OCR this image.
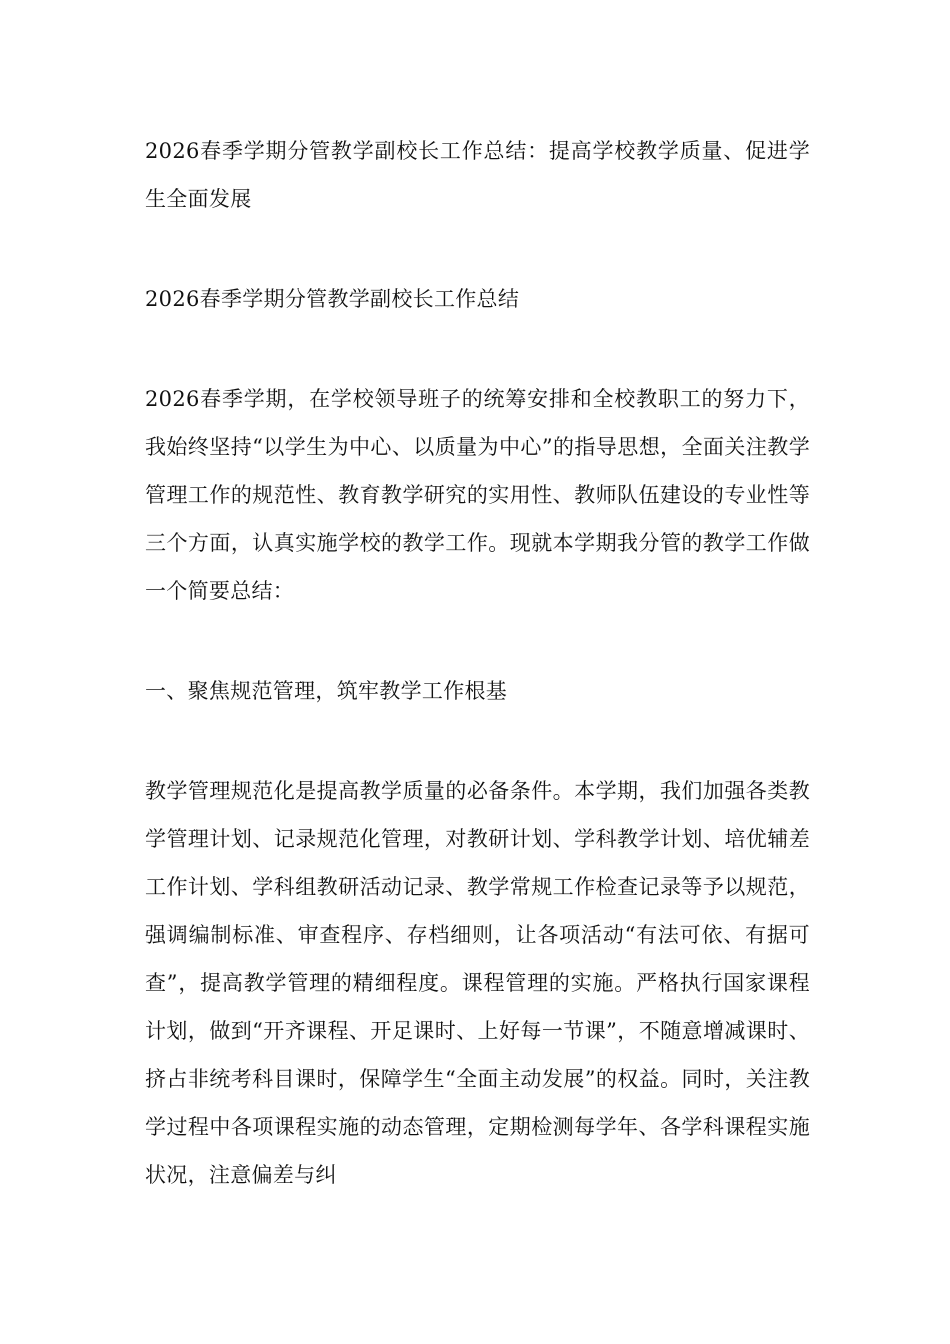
2026春季学期分管教学副校长工作总结：提高学校教学质量、促进学生全面发展

2026春季学期分管教学副校长工作总结

2026春季学期，在学校领导班子的统筹安排和全校教职工的努力下，我始终坚持“以学生为中心、以质量为中心”的指导思想，全面关注教学管理工作的规范性、教育教学研究的实用性、教师队伍建设的专业性等三个方面，认真实施学校的教学工作。现就本学期我分管的教学工作做一个简要总结：

一、聚焦规范管理，筑牢教学工作根基

教学管理规范化是提高教学质量的必备条件。本学期，我们加强各类教学管理计划、记录规范化管理，对教研计划、学科教学计划、培优辅差工作计划、学科组教研活动记录、教学常规工作检查记录等予以规范，强调编制标准、审查程序、存档细则，让各项活动“有法可依、有据可查”，提高教学管理的精细程度。课程管理的实施。严格执行国家课程计划，做到“开齐课程、开足课时、上好每一节课”，不随意增减课时、挤占非统考科目课时，保障学生“全面主动发展”的权益。同时，关注教学过程中各项课程实施的动态管理，定期检测每学年、各学科课程实施状况，注意偏差与纠
